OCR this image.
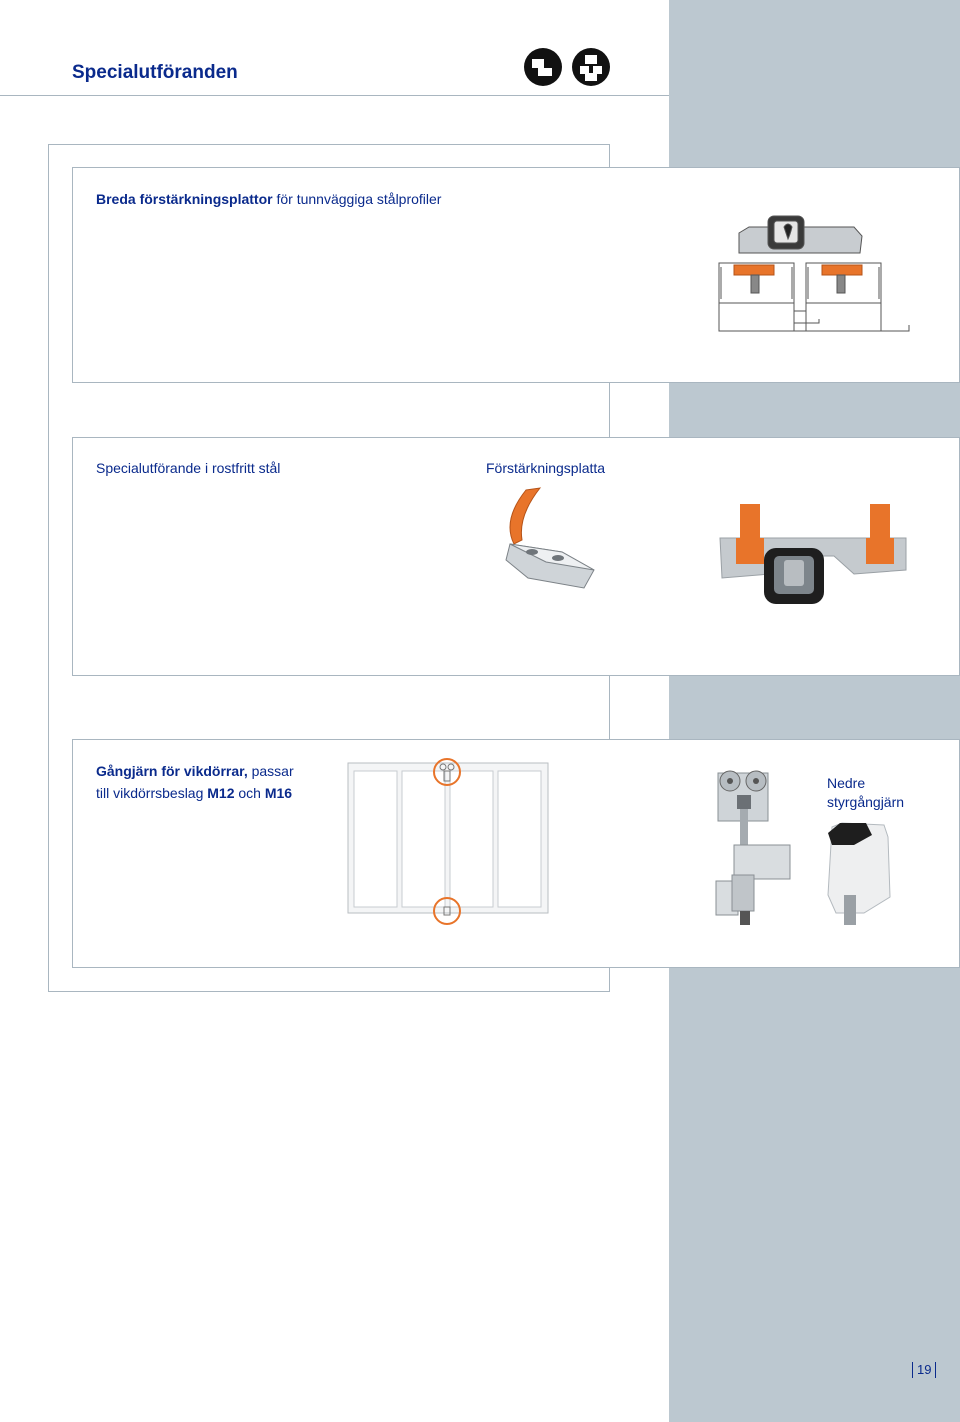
Specialutföranden
Breda förstärkningsplattor för tunnväggiga stålprofiler
Specialutförande i rostfritt stål	Förstärkningsplatta
Gångjärn för vikdörrar, passar
till vikdörrsbeslag M12 och M16
Nedre
styrgångjärn
19
